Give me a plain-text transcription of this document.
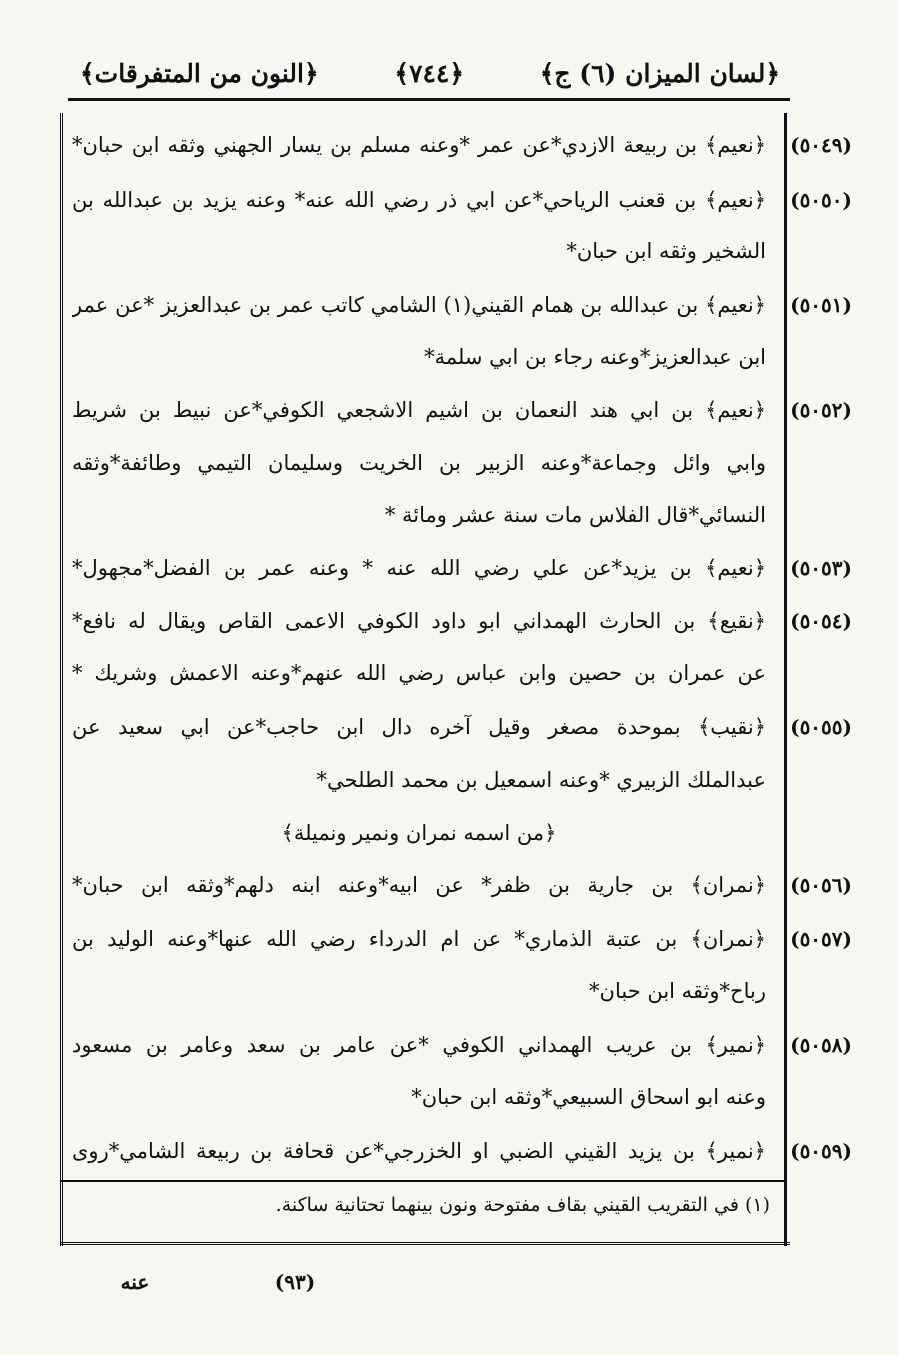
﴿لسان الميزان (٦) ج﴾
﴿٧٤٤﴾
﴿النون من المتفرقات﴾
(٥٠٤٩)
﴿نعيم﴾ بن ربيعة الازدي*عن عمر *وعنه مسلم بن يسار الجهني وثقه ابن حبان*
(٥٠٥٠)
﴿نعيم﴾ بن قعنب الرياحي*عن ابي ذر رضي الله عنه* وعنه يزيد بن عبدالله بن
الشخير وثقه ابن حبان*
(٥٠٥١)
﴿نعيم﴾ بن عبدالله بن همام القيني(١) الشامي كاتب عمر بن عبدالعزيز *عن عمر
ابن عبدالعزيز*وعنه رجاء بن ابي سلمة*
(٥٠٥٢)
﴿نعيم﴾ بن ابي هند النعمان بن اشيم الاشجعي الكوفي*عن نبيط بن شريط
وابي وائل وجماعة*وعنه الزبير بن الخريت وسليمان التيمي وطائفة*وثقه
النسائي*قال الفلاس مات سنة عشر ومائة *
(٥٠٥٣)
﴿نعيم﴾ بن يزيد*عن علي رضي الله عنه * وعنه عمر بن الفضل*مجهول*
(٥٠٥٤)
﴿نقيع﴾ بن الحارث الهمداني ابو داود الكوفي الاعمى القاص ويقال له نافع*
عن عمران بن حصين وابن عباس رضي الله عنهم*وعنه الاعمش وشريك *
(٥٠٥٥)
﴿نقيب﴾ بموحدة مصغر وقيل آخره دال ابن حاجب*عن ابي سعيد عن
عبدالملك الزبيري *وعنه اسمعيل بن محمد الطلحي*
﴿من اسمه نمران ونمير ونميلة﴾
(٥٠٥٦)
﴿نمران﴾ بن جارية بن ظفر* عن ابيه*وعنه ابنه دلهم*وثقه ابن حبان*
(٥٠٥٧)
﴿نمران﴾ بن عتبة الذماري* عن ام الدرداء رضي الله عنها*وعنه الوليد بن
رباح*وثقه ابن حبان*
(٥٠٥٨)
﴿نمير﴾ بن عريب الهمداني الكوفي *عن عامر بن سعد وعامر بن مسعود
وعنه ابو اسحاق السبيعي*وثقه ابن حبان*
(٥٠٥٩)
﴿نمير﴾ بن يزيد القيني الضبي او الخزرجي*عن قحافة بن ربيعة الشامي*روى
(١) في التقريب القيني بقاف مفتوحة ونون بينهما تحتانية ساكنة.
عنه	(٩٣)
